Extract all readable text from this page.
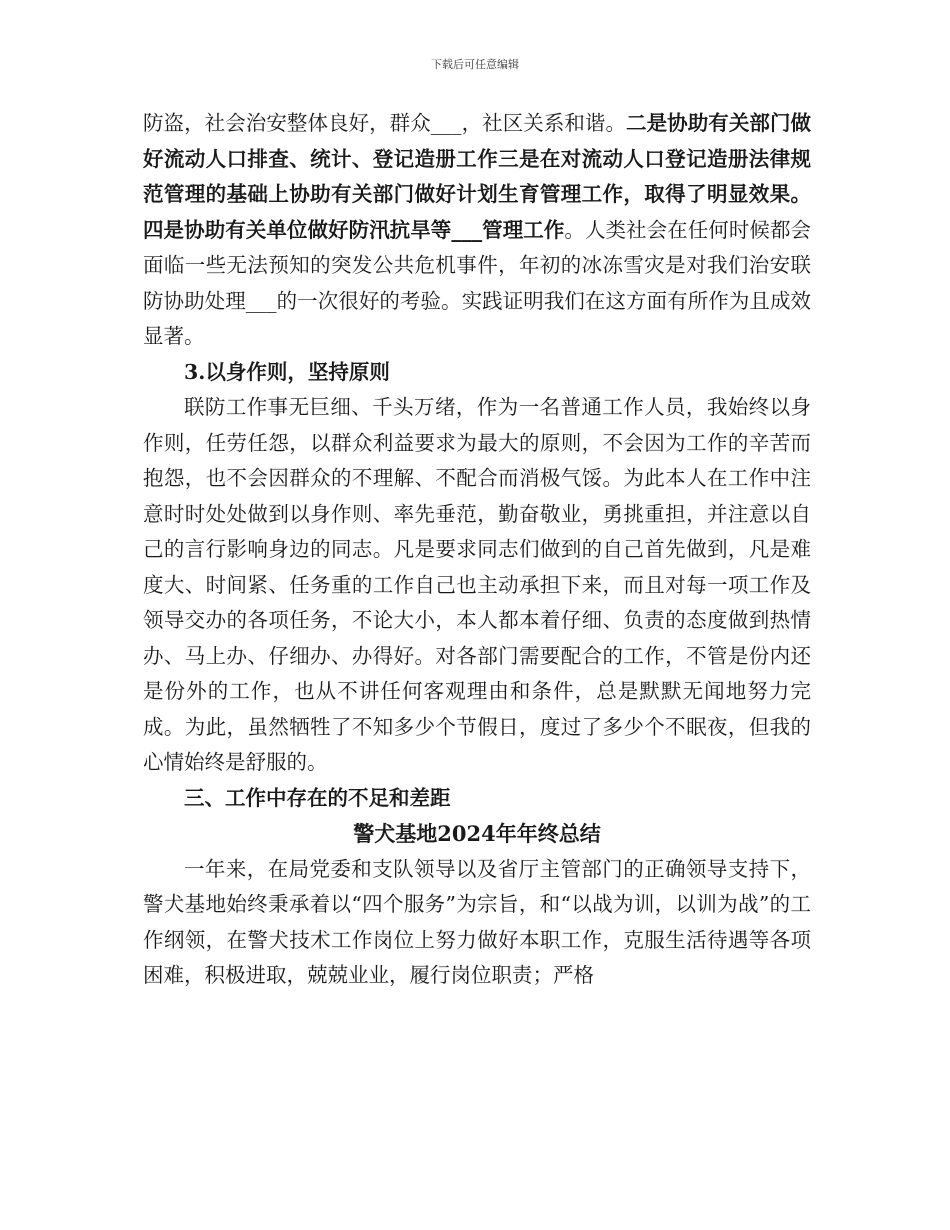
下载后可任意编辑

防盗，社会治安整体良好，群众___，社区关系和谐。二是协助有关部门做好流动人口排查、统计、登记造册工作三是在对流动人口登记造册法律规范管理的基础上协助有关部门做好计划生育管理工作，取得了明显效果。四是协助有关单位做好防汛抗旱等___管理工作。人类社会在任何时候都会面临一些无法预知的突发公共危机事件，年初的冰冻雪灾是对我们治安联防协助处理___的一次很好的考验。实践证明我们在这方面有所作为且成效显著。

3.以身作则，坚持原则

联防工作事无巨细、千头万绪，作为一名普通工作人员，我始终以身作则，任劳任怨，以群众利益要求为最大的原则，不会因为工作的辛苦而抱怨，也不会因群众的不理解、不配合而消极气馁。为此本人在工作中注意时时处处做到以身作则、率先垂范，勤奋敬业，勇挑重担，并注意以自己的言行影响身边的同志。凡是要求同志们做到的自己首先做到，凡是难度大、时间紧、任务重的工作自己也主动承担下来，而且对每一项工作及领导交办的各项任务，不论大小，本人都本着仔细、负责的态度做到热情办、马上办、仔细办、办得好。对各部门需要配合的工作，不管是份内还是份外的工作，也从不讲任何客观理由和条件，总是默默无闻地努力完成。为此，虽然牺牲了不知多少个节假日，度过了多少个不眠夜，但我的心情始终是舒服的。

三、工作中存在的不足和差距

警犬基地2024年年终总结

一年来，在局党委和支队领导以及省厅主管部门的正确领导支持下，警犬基地始终秉承着以“四个服务”为宗旨，和“以战为训，以训为战”的工作纲领，在警犬技术工作岗位上努力做好本职工作，克服生活待遇等各项困难，积极进取，兢兢业业，履行岗位职责；严格
